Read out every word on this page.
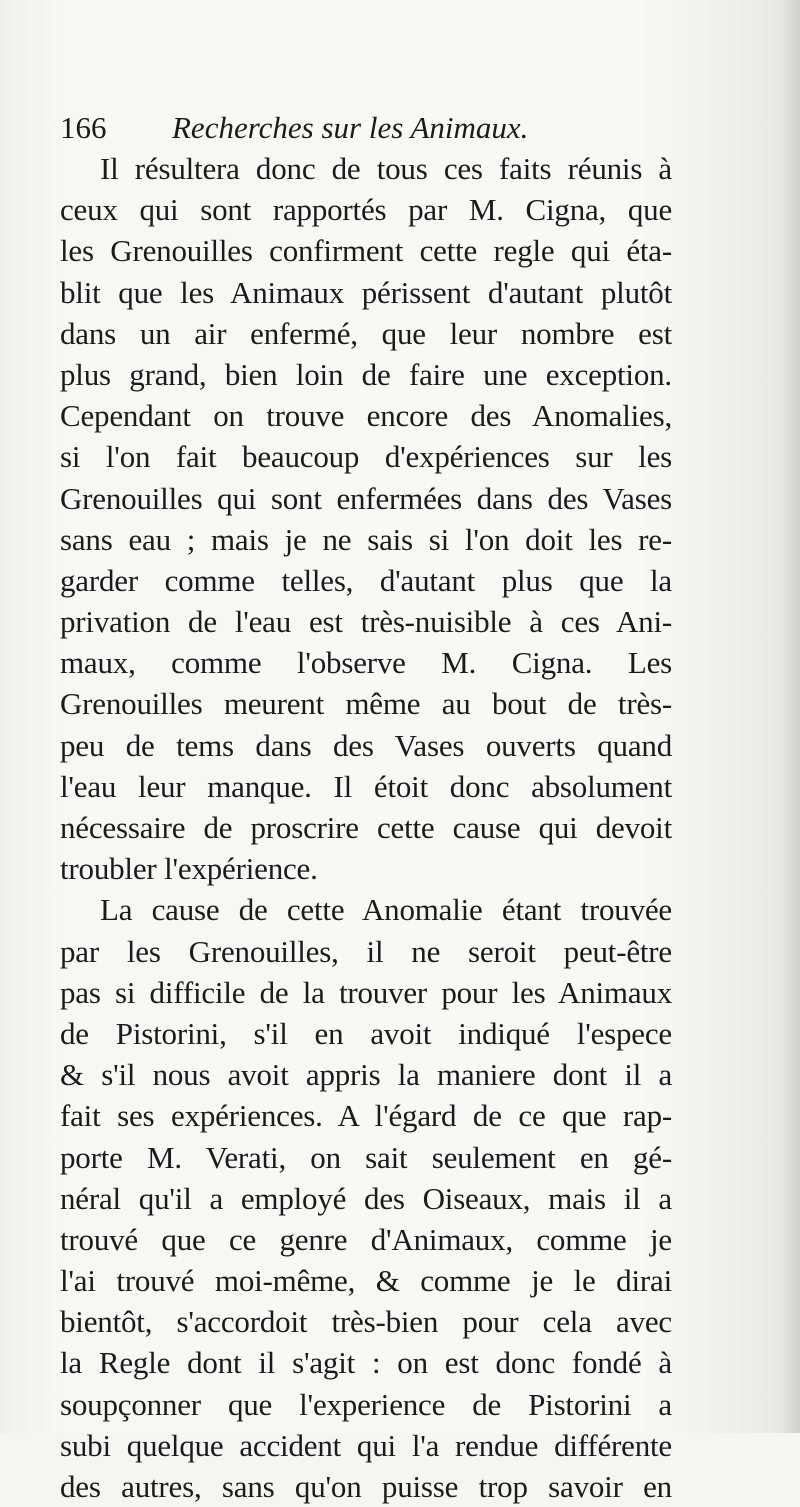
166 Recherches sur les Animaux.
Il résultera donc de tous ces faits réunis à
ceux qui sont rapportés par M. Cigna, que
les Grenouilles confirment cette regle qui éta-
blit que les Animaux périssent d'autant plutôt
dans un air enfermé, que leur nombre est
plus grand, bien loin de faire une exception.
Cependant on trouve encore des Anomalies,
si l'on fait beaucoup d'expériences sur les
Grenouilles qui sont enfermées dans des Vases
sans eau ; mais je ne sais si l'on doit les re-
garder comme telles, d'autant plus que la
privation de l'eau est très-nuisible à ces Ani-
maux, comme l'observe M. Cigna. Les
Grenouilles meurent même au bout de très-
peu de tems dans des Vases ouverts quand
l'eau leur manque. Il étoit donc absolument
nécessaire de proscrire cette cause qui devoit
troubler l'expérience.
La cause de cette Anomalie étant trouvée
par les Grenouilles, il ne seroit peut-être
pas si difficile de la trouver pour les Animaux
de Pistorini, s'il en avoit indiqué l'espece
& s'il nous avoit appris la maniere dont il a
fait ses expériences. A l'égard de ce que rap-
porte M. Verati, on sait seulement en gé-
néral qu'il a employé des Oiseaux, mais il a
trouvé que ce genre d'Animaux, comme je
l'ai trouvé moi-même, & comme je le dirai
bientôt, s'accordoit très-bien pour cela avec
la Regle dont il s'agit : on est donc fondé à
soupçonner que l'experience de Pistorini a
subi quelque accident qui l'a rendue différente
des autres, sans qu'on puisse trop savoir en
